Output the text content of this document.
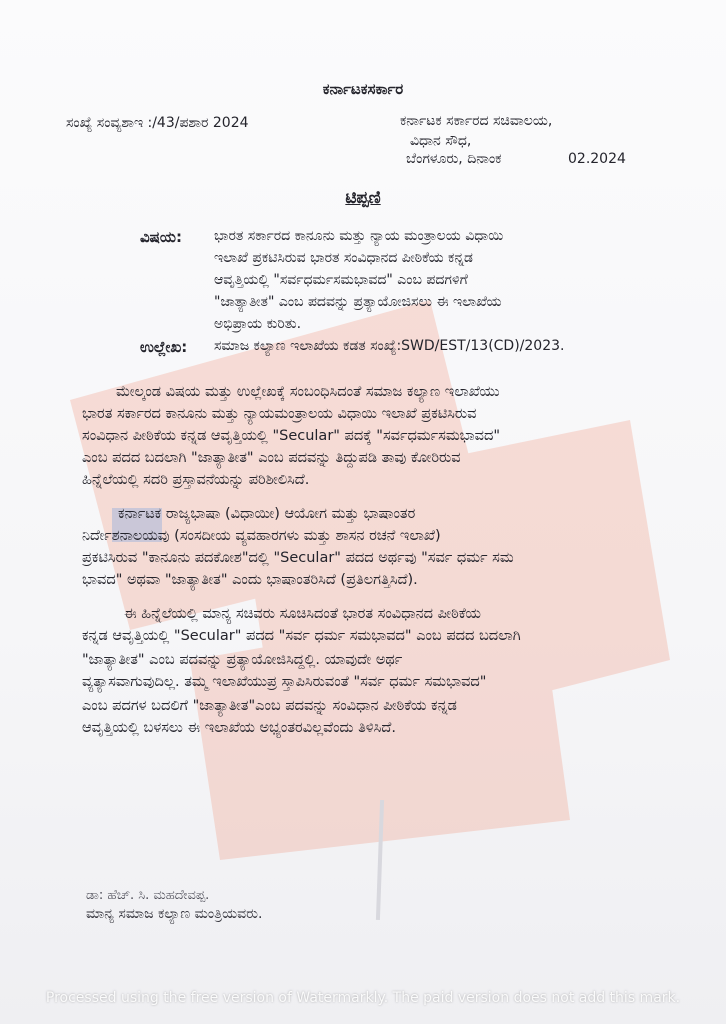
ಕರ್ನಾಟಕಸರ್ಕಾರ
ಸಂಖ್ಯೆ ಸಂವ್ಯಶಾಇ :/43/ಪಶಾರ 2024	ಕರ್ನಾಟಕ ಸರ್ಕಾರದ ಸಚಿವಾಲಯ,
ವಿಧಾನ ಸೌಧ,
ಬೆಂಗಳೂರು, ದಿನಾಂಕ	02.2024
ಟಿಪ್ಪಣಿ
ವಿಷಯ: ಭಾರತ ಸರ್ಕಾರದ ಕಾನೂನು ಮತ್ತು ನ್ಯಾಯ ಮಂತ್ರಾಲಯ ವಿಧಾಯಿ
ಇಲಾಖೆ ಪ್ರಕಟಿಸಿರುವ ಭಾರತ ಸಂವಿಧಾನದ ಪೀಠಿಕೆಯ ಕನ್ನಡ
ಆವೃತ್ತಿಯಲ್ಲಿ "ಸರ್ವಧರ್ಮಸಮಭಾವದ" ಎಂಬ ಪದಗಳಿಗೆ
"ಜಾತ್ಯಾತೀತ" ಎಂಬ ಪದವನ್ನು ಪ್ರತ್ಯಾಯೋಜಿಸಲು ಈ ಇಲಾಖೆಯ
ಅಭಿಪ್ರಾಯ ಕುರಿತು.
ಉಲ್ಲೇಖ: ಸಮಾಜ ಕಲ್ಯಾಣ ಇಲಾಖೆಯ ಕಡತ ಸಂಖ್ಯೆ:SWD/EST/13(CD)/2023.
ಮೇಲ್ಕಂಡ ವಿಷಯ ಮತ್ತು ಉಲ್ಲೇಖಕ್ಕೆ ಸಂಬಂಧಿಸಿದಂತೆ ಸಮಾಜ ಕಲ್ಯಾಣ ಇಲಾಖೆಯು
ಭಾರತ ಸರ್ಕಾರದ ಕಾನೂನು ಮತ್ತು ನ್ಯಾಯಮಂತ್ರಾಲಯ ವಿಧಾಯಿ ಇಲಾಖೆ ಪ್ರಕಟಿಸಿರುವ
ಸಂವಿಧಾನ ಪೀಠಿಕೆಯ ಕನ್ನಡ ಆವೃತ್ತಿಯಲ್ಲಿ "Secular" ಪದಕ್ಕೆ "ಸರ್ವಧರ್ಮಸಮಭಾವದ"
ಎಂಬ ಪದದ ಬದಲಾಗಿ "ಜಾತ್ಯಾತೀತ" ಎಂಬ ಪದವನ್ನು ತಿದ್ದುಪಡಿ ತಾವು ಕೋರಿರುವ
ಹಿನ್ನೆಲೆಯಲ್ಲಿ ಸದರಿ ಪ್ರಸ್ತಾವನೆಯನ್ನು ಪರಿಶೀಲಿಸಿದೆ.
ಕರ್ನಾಟಕ ರಾಜ್ಯಭಾಷಾ (ವಿಧಾಯೀ) ಆಯೋಗ ಮತ್ತು ಭಾಷಾಂತರ
ನಿರ್ದೇಶನಾಲಯವು (ಸಂಸದೀಯ ವ್ಯವಹಾರಗಳು ಮತ್ತು ಶಾಸನ ರಚನೆ ಇಲಾಖೆ)
ಪ್ರಕಟಿಸಿರುವ "ಕಾನೂನು ಪದಕೋಶ"ದಲ್ಲಿ "Secular" ಪದದ ಅರ್ಥವು "ಸರ್ವ ಧರ್ಮ ಸಮ
ಭಾವದ" ಅಥವಾ "ಜಾತ್ಯಾತೀತ" ಎಂದು ಭಾಷಾಂತರಿಸಿದೆ (ಪ್ರತಿಲಗತ್ತಿಸಿದೆ).
ಈ ಹಿನ್ನೆಲೆಯಲ್ಲಿ ಮಾನ್ಯ ಸಚಿವರು ಸೂಚಿಸಿದಂತೆ ಭಾರತ ಸಂವಿಧಾನದ ಪೀಠಿಕೆಯ
ಕನ್ನಡ ಆವೃತ್ತಿಯಲ್ಲಿ "Secular" ಪದದ "ಸರ್ವ ಧರ್ಮ ಸಮಭಾವದ" ಎಂಬ ಪದದ ಬದಲಾಗಿ
"ಜಾತ್ಯಾತೀತ" ಎಂಬ ಪದವನ್ನು ಪ್ರತ್ಯಾಯೋಜಿಸಿದ್ದಲ್ಲಿ. ಯಾವುದೇ ಅರ್ಥ
ವ್ಯತ್ಯಾಸವಾಗುವುದಿಲ್ಲ. ತಮ್ಮ ಇಲಾಖೆಯುಪ್ರ ಸ್ತಾಪಿಸಿರುವಂತೆ "ಸರ್ವ ಧರ್ಮ ಸಮಭಾವದ"
ಎಂಬ ಪದಗಳ ಬದಲಿಗೆ "ಜಾತ್ಯಾತೀತ"ಎಂಬ ಪದವನ್ನು ಸಂವಿಧಾನ ಪೀಠಿಕೆಯ ಕನ್ನಡ
ಆವೃತ್ತಿಯಲ್ಲಿ ಬಳಸಲು ಈ ಇಲಾಖೆಯ ಅಭ್ಯಂತರವಿಲ್ಲವೆಂದು ತಿಳಿಸಿದೆ.
ಡಾ: ಹೆಚ್. ಸಿ. ಮಹದೇವಪ್ಪ.
ಮಾನ್ಯ ಸಮಾಜ ಕಲ್ಯಾಣ ಮಂತ್ರಿಯವರು.
Processed using the free version of Watermarkly. The paid version does not add this mark.
